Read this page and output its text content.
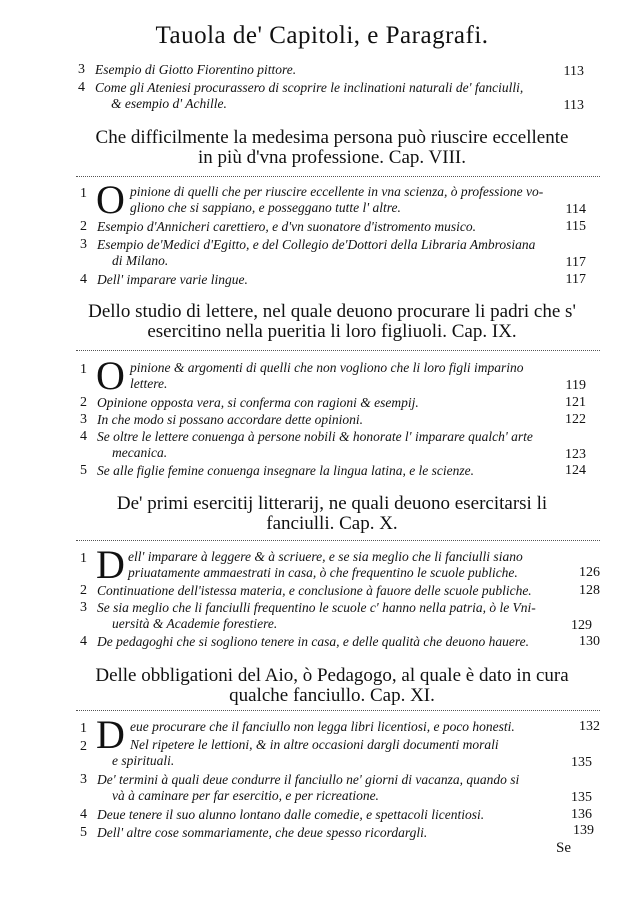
Tauola de' Capitoli, e Paragrafi.
3 Esempio di Giotto Fiorentino pittore.	113
4 Come gli Ateniesi procurassero di scoprire le inclinationi naturali de' fanciulli,
& esempio d' Achille.	113
Che difficilmente la medesima persona può riuscire eccellente
in più d'vna professione. Cap. VIII.
1 O pinione di quelli che per riuscire eccellente in vna scienza, ò professione vo-
gliono che si sappiano, e posseggano tutte l' altre.	114
2 Esempio d'Annicheri carettiero, e d'vn suonatore d'istromento musico.	115
3 Esempio de'Medici d'Egitto, e del Collegio de'Dottori della Libraria Ambrosiana
di Milano.	117
4 Dell' imparare varie lingue.	117
Dello studio di lettere, nel quale deuono procurare li padri che s'
esercitino nella pueritia li loro figliuoli. Cap. IX.
1 O pinione & argomenti di quelli che non vogliono che li loro figli imparino
lettere.	119
2 Opinione opposta vera, si conferma con ragioni & esempij.	121
3 In che modo si possano accordare dette opinioni.	122
4 Se oltre le lettere conuenga à persone nobili & honorate l' imparare qualch' arte
mecanica.	123
5 Se alle figlie femine conuenga insegnare la lingua latina, e le scienze.	124
De' primi esercitij litterarij, ne quali deuono esercitarsi li
fanciulli. Cap. X.
1 D ell' imparare à leggere & à scriuere, e se sia meglio che li fanciulli siano
priuatamente ammaestrati in casa, ò che frequentino le scuole publiche.	126
2 Continuatione dell'istessa materia, e conclusione à fauore delle scuole publiche.	128
3 Se sia meglio che li fanciulli frequentino le scuole c' hanno nella patria, ò le Vni-
uersità & Academie forestiere.	129
4 De pedagoghi che si sogliono tenere in casa, e delle qualità che deuono hauere.	130
Delle obbligationi del Aio, ò Pedagogo, al quale è dato in cura
qualche fanciullo. Cap. XI.
1 D eue procurare che il fanciullo non legga libri licentiosi, e poco honesti.	132
2	Nel ripetere le lettioni, & in altre occasioni dargli documenti morali
e spirituali.	135
3 De' termini à quali deue condurre il fanciullo ne' giorni di vacanza, quando si
và à caminare per far esercitio, e per ricreatione.	135
4 Deue tenere il suo alunno lontano dalle comedie, e spettacoli licentiosi.	136
5 Dell' altre cose sommariamente, che deue spesso ricordargli.	139
Se
